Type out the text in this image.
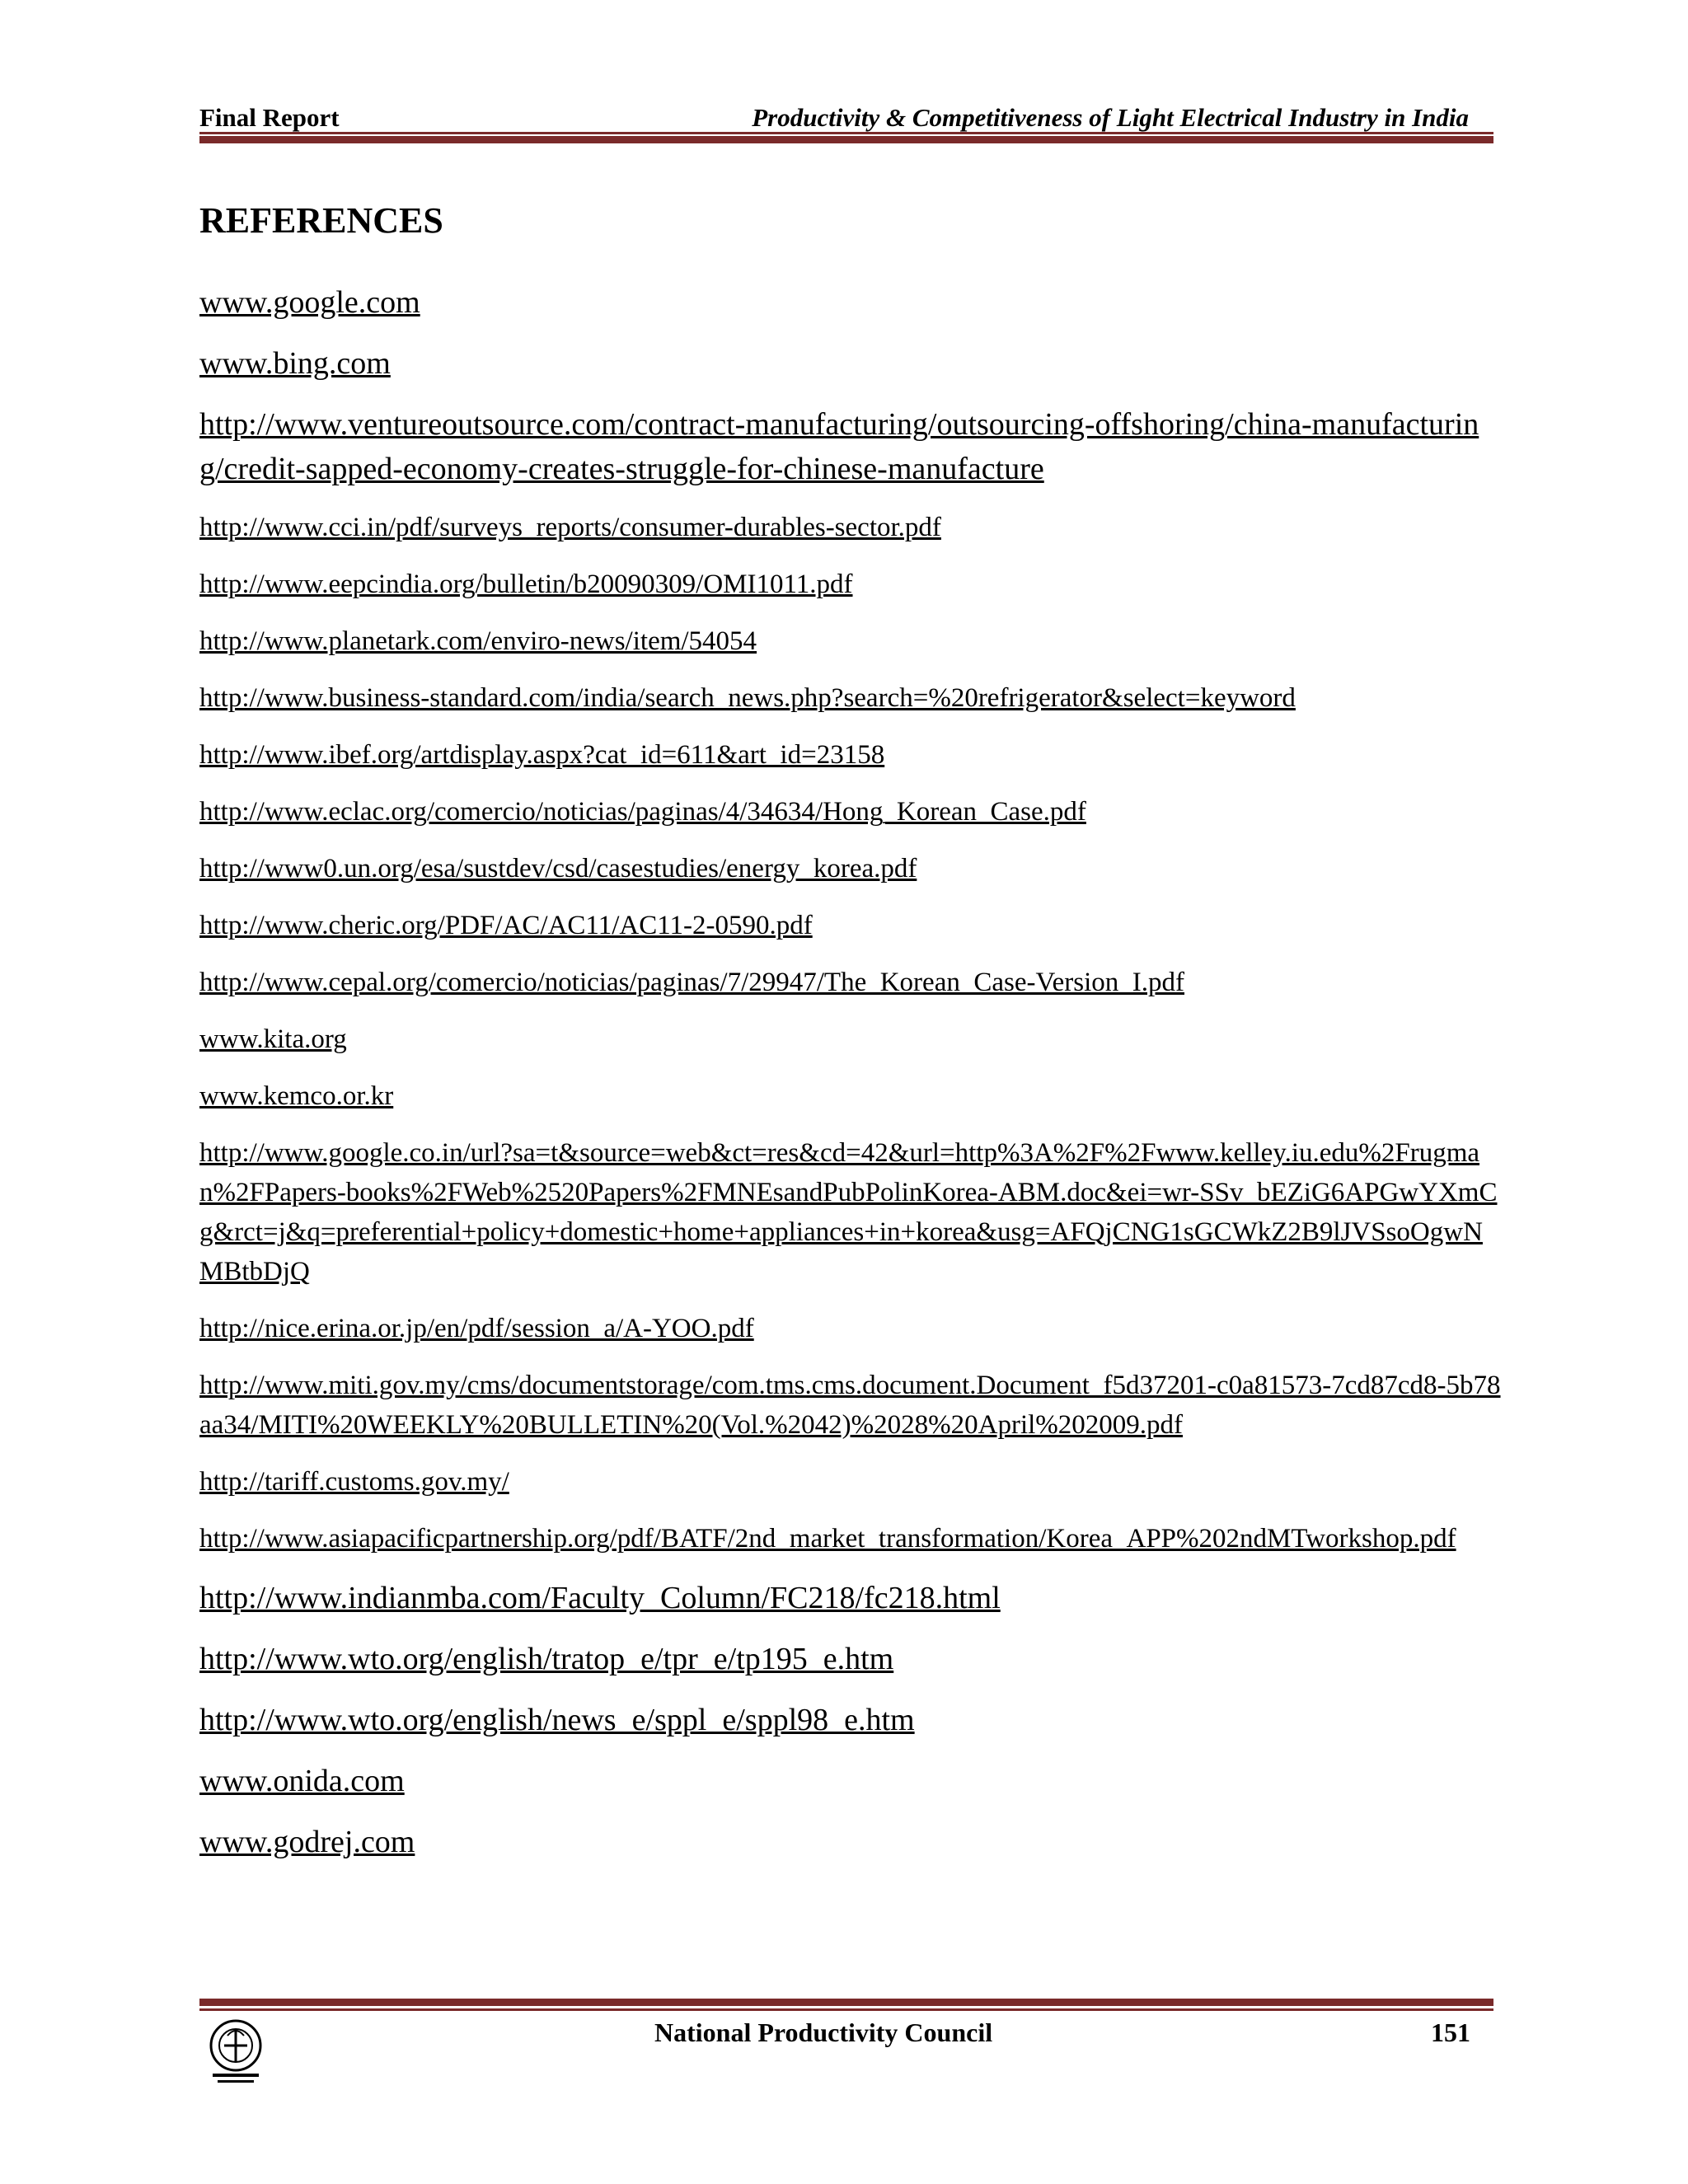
Final Report	Productivity & Competitiveness of Light Electrical Industry in India
REFERENCES
www.google.com
www.bing.com
http://www.ventureoutsource.com/contract-manufacturing/outsourcing-offshoring/china-manufacturing/credit-sapped-economy-creates-struggle-for-chinese-manufacture
http://www.cci.in/pdf/surveys_reports/consumer-durables-sector.pdf
http://www.eepcindia.org/bulletin/b20090309/OMI1011.pdf
http://www.planetark.com/enviro-news/item/54054
http://www.business-standard.com/india/search_news.php?search=%20refrigerator&select=keyword
http://www.ibef.org/artdisplay.aspx?cat_id=611&art_id=23158
http://www.eclac.org/comercio/noticias/paginas/4/34634/Hong_Korean_Case.pdf
http://www0.un.org/esa/sustdev/csd/casestudies/energy_korea.pdf
http://www.cheric.org/PDF/AC/AC11/AC11-2-0590.pdf
http://www.cepal.org/comercio/noticias/paginas/7/29947/The_Korean_Case-Version_I.pdf
www.kita.org
www.kemco.or.kr
http://www.google.co.in/url?sa=t&source=web&ct=res&cd=42&url=http%3A%2F%2Fwww.kelley.iu.edu%2Frugman%2FPapers-books%2FWeb%2520Papers%2FMNEsandPubPolinKorea-ABM.doc&ei=wr-SSv_bEZiG6APGwYXmCg&rct=j&q=preferential+policy+domestic+home+appliances+in+korea&usg=AFQjCNG1sGCWkZ2B9lJVSsoOgwNMBtbDjQ
http://nice.erina.or.jp/en/pdf/session_a/A-YOO.pdf
http://www.miti.gov.my/cms/documentstorage/com.tms.cms.document.Document_f5d37201-c0a81573-7cd87cd8-5b78aa34/MITI%20WEEKLY%20BULLETIN%20(Vol.%2042)%2028%20April%202009.pdf
http://tariff.customs.gov.my/
http://www.asiapacificpartnership.org/pdf/BATF/2nd_market_transformation/Korea_APP%202ndMTworkshop.pdf
http://www.indianmba.com/Faculty_Column/FC218/fc218.html
http://www.wto.org/english/tratop_e/tpr_e/tp195_e.htm
http://www.wto.org/english/news_e/sppl_e/sppl98_e.htm
www.onida.com
www.godrej.com
National Productivity Council	151
